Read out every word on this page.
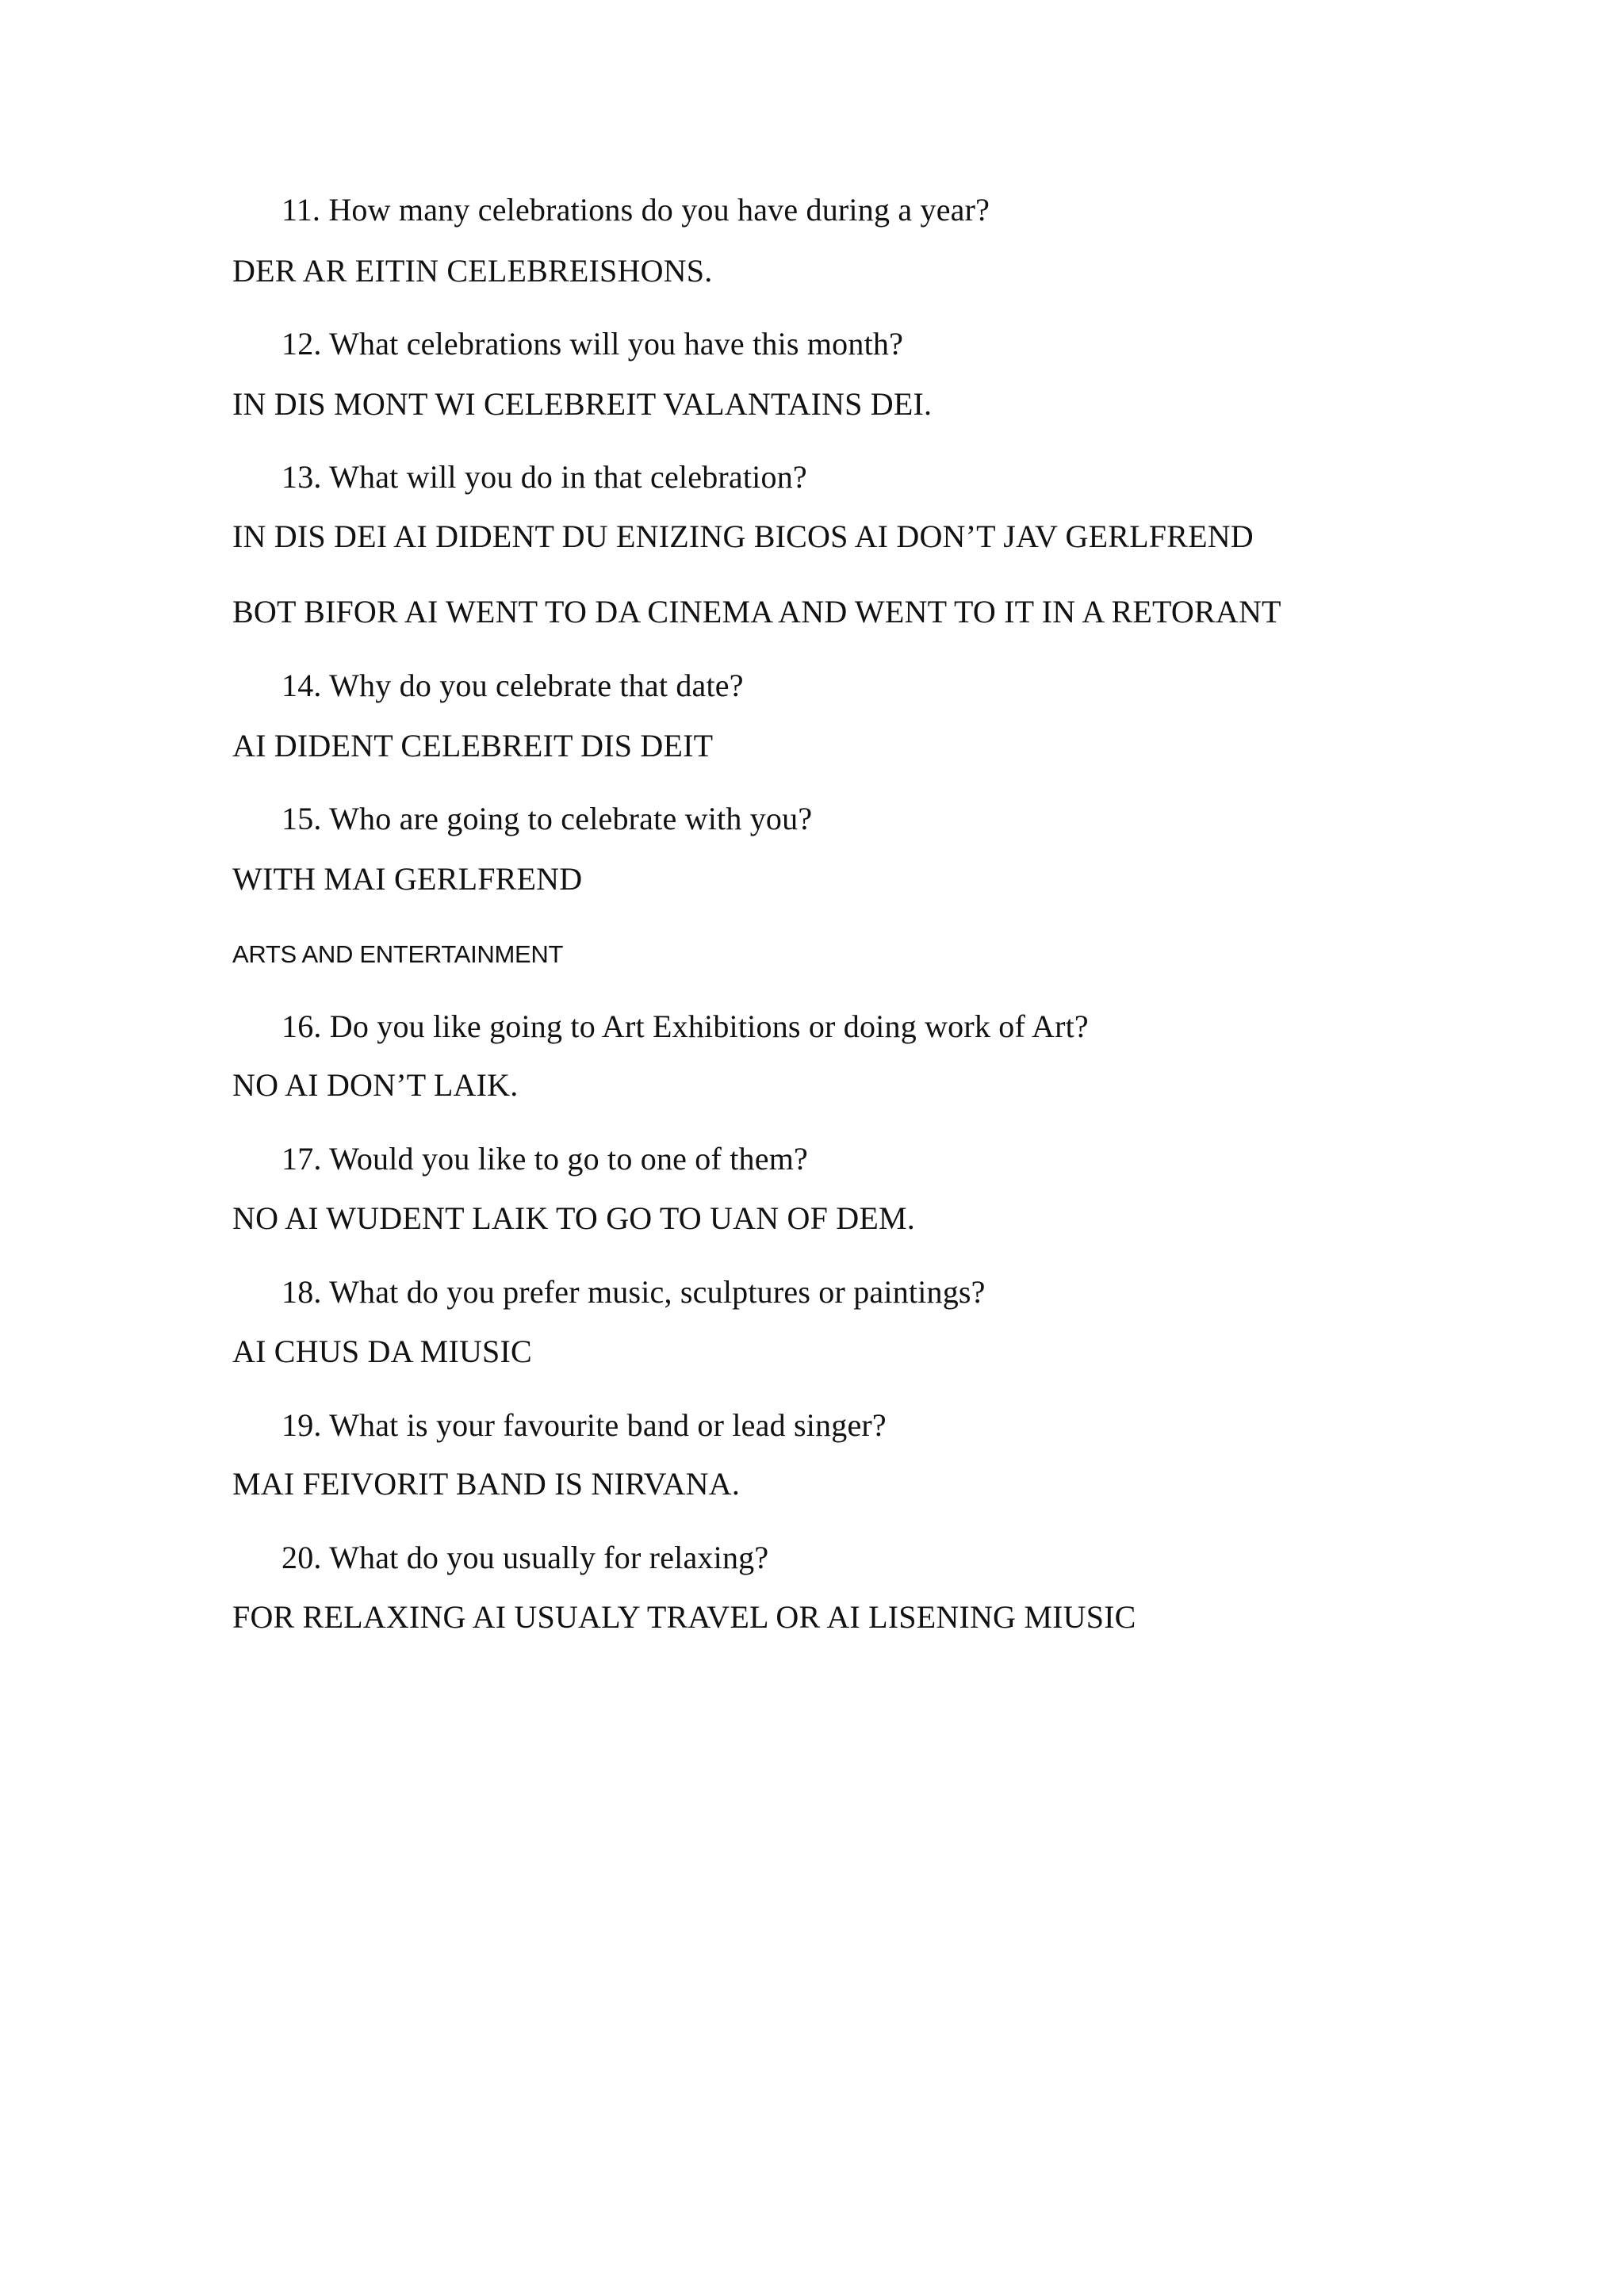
11. How many celebrations do you have during a year?
DER AR EITIN CELEBREISHONS.
12. What celebrations will you have this month?
IN DIS MONT WI CELEBREIT VALANTAINS DEI.
13. What will you do in that celebration?
IN DIS DEI AI DIDENT DU ENIZING BICOS AI DON’T JAV GERLFREND
BOT BIFOR AI WENT TO DA CINEMA AND WENT TO IT IN A RETORANT
14. Why do you celebrate that date?
AI DIDENT CELEBREIT DIS DEIT
15. Who are going to celebrate with you?
WITH MAI GERLFREND
ARTS AND ENTERTAINMENT
16. Do you like going to Art Exhibitions or doing work of Art?
NO AI DON’T LAIK.
17. Would you like to go to one of them?
NO AI WUDENT LAIK TO GO TO UAN OF DEM.
18. What do you prefer music, sculptures or paintings?
AI CHUS DA MIUSIC
19. What is your favourite band or lead singer?
MAI FEIVORIT BAND IS NIRVANA.
20. What do you usually for relaxing?
FOR RELAXING AI USUALY TRAVEL OR AI LISENING MIUSIC
